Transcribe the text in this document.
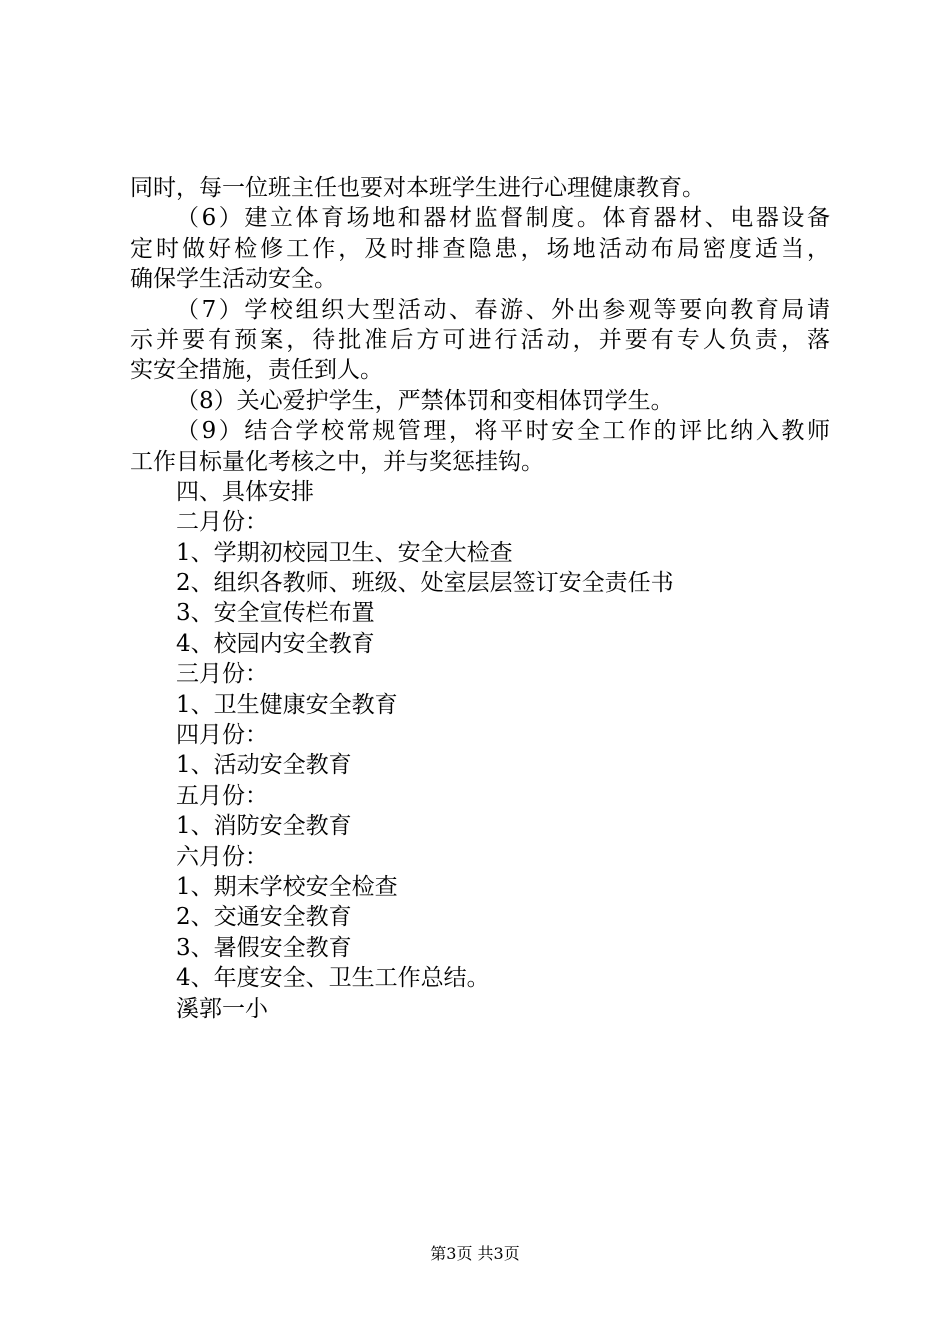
同时，每一位班主任也要对本班学生进行心理健康教育。
（6）建立体育场地和器材监督制度。体育器材、电器设备
定时做好检修工作，及时排查隐患，场地活动布局密度适当，
确保学生活动安全。
（7）学校组织大型活动、春游、外出参观等要向教育局请
示并要有预案，待批准后方可进行活动，并要有专人负责，落
实安全措施，责任到人。
（8）关心爱护学生，严禁体罚和变相体罚学生。
（9）结合学校常规管理，将平时安全工作的评比纳入教师
工作目标量化考核之中，并与奖惩挂钩。
四、具体安排
二月份：
1、学期初校园卫生、安全大检查
2、组织各教师、班级、处室层层签订安全责任书
3、安全宣传栏布置
4、校园内安全教育
三月份：
1、卫生健康安全教育
四月份：
1、活动安全教育
五月份：
1、消防安全教育
六月份：
1、期末学校安全检查
2、交通安全教育
3、暑假安全教育
4、年度安全、卫生工作总结。
溪郭一小
第3页 共3页
